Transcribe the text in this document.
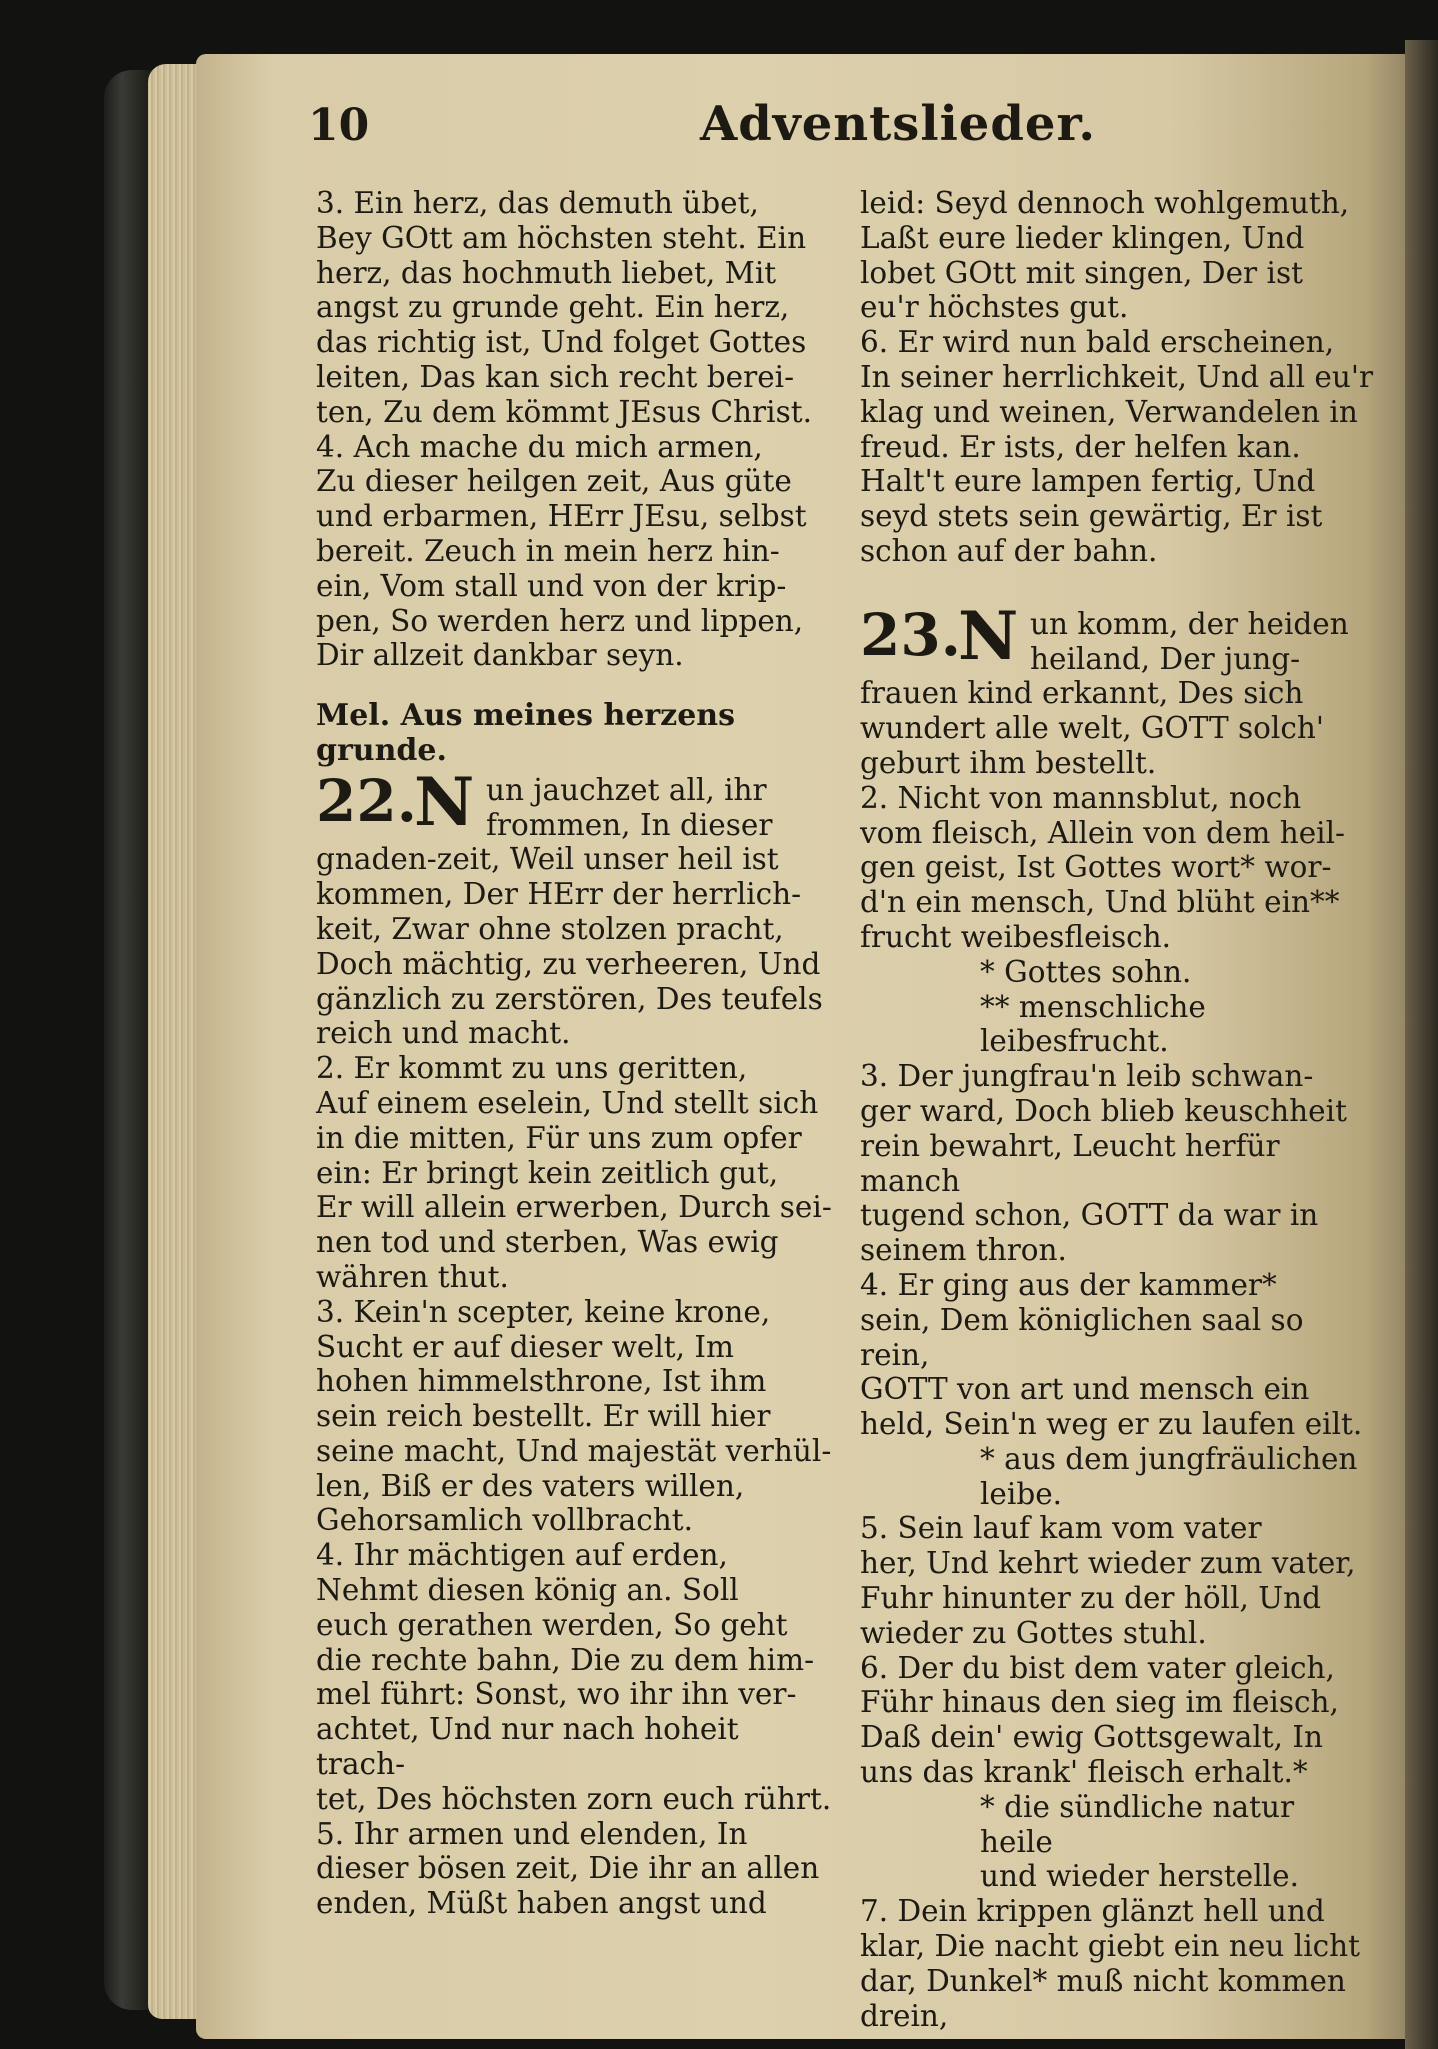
10	Adventslieder.

3. Ein herz, das demuth übet,
Bey GOtt am höchsten steht. Ein
herz, das hochmuth liebet, Mit
angst zu grunde geht. Ein herz,
das richtig ist, Und folget Gottes
leiten, Das kan sich recht berei-
ten, Zu dem kömmt JEsus Christ.

4. Ach mache du mich armen,
Zu dieser heilgen zeit, Aus güte
und erbarmen, HErr JEsu, selbst
bereit. Zeuch in mein herz hin-
ein, Vom stall und von der krip-
pen, So werden herz und lippen,
Dir allzeit dankbar seyn.

Mel. Aus meines herzens grunde.

22.
N un jauchzet all, ihr
frommen, In dieser

gnaden-zeit, Weil unser heil ist
kommen, Der HErr der herrlich-
keit, Zwar ohne stolzen pracht,
Doch mächtig, zu verheeren, Und
gänzlich zu zerstören, Des teufels
reich und macht.

2. Er kommt zu uns geritten,
Auf einem eselein, Und stellt sich
in die mitten, Für uns zum opfer
ein: Er bringt kein zeitlich gut,
Er will allein erwerben, Durch sei-
nen tod und sterben, Was ewig
währen thut.

3. Kein'n scepter, keine krone,
Sucht er auf dieser welt, Im
hohen himmelsthrone, Ist ihm
sein reich bestellt. Er will hier
seine macht, Und majestät verhül-
len, Biß er des vaters willen,
Gehorsamlich vollbracht.

4. Ihr mächtigen auf erden,
Nehmt diesen könig an. Soll
euch gerathen werden, So geht
die rechte bahn, Die zu dem him-
mel führt: Sonst, wo ihr ihn ver-
achtet, Und nur nach hoheit trach-
tet, Des höchsten zorn euch rührt.

5. Ihr armen und elenden, In
dieser bösen zeit, Die ihr an allen
enden, Müßt haben angst und

leid: Seyd dennoch wohlgemuth,
Laßt eure lieder klingen, Und
lobet GOtt mit singen, Der ist
eu'r höchstes gut.

6. Er wird nun bald erscheinen,
In seiner herrlichkeit, Und all eu'r
klag und weinen, Verwandelen in
freud. Er ists, der helfen kan.
Halt't eure lampen fertig, Und
seyd stets sein gewärtig, Er ist
schon auf der bahn.

23.
N un komm, der heiden
heiland, Der jung-

frauen kind erkannt, Des sich
wundert alle welt, GOTT solch'
geburt ihm bestellt.

2. Nicht von mannsblut, noch
vom fleisch, Allein von dem heil-
gen geist, Ist Gottes wort* wor-
d'n ein mensch, Und blüht ein**
frucht weibesfleisch.

* Gottes sohn.
** menschliche leibesfrucht.

3. Der jungfrau'n leib schwan-
ger ward, Doch blieb keuschheit
rein bewahrt, Leucht herfür manch
tugend schon, GOTT da war in
seinem thron.

4. Er ging aus der kammer*
sein, Dem königlichen saal so rein,
GOTT von art und mensch ein
held, Sein'n weg er zu laufen eilt.

* aus dem jungfräulichen
leibe.

5. Sein lauf kam vom vater
her, Und kehrt wieder zum vater,
Fuhr hinunter zu der höll, Und
wieder zu Gottes stuhl.

6. Der du bist dem vater gleich,
Führ hinaus den sieg im fleisch,
Daß dein' ewig Gottsgewalt, In
uns das krank' fleisch erhalt.*

* die sündliche natur heile
und wieder herstelle.

7. Dein krippen glänzt hell und
klar, Die nacht giebt ein neu licht
dar, Dunkel* muß nicht kommen
drein,
